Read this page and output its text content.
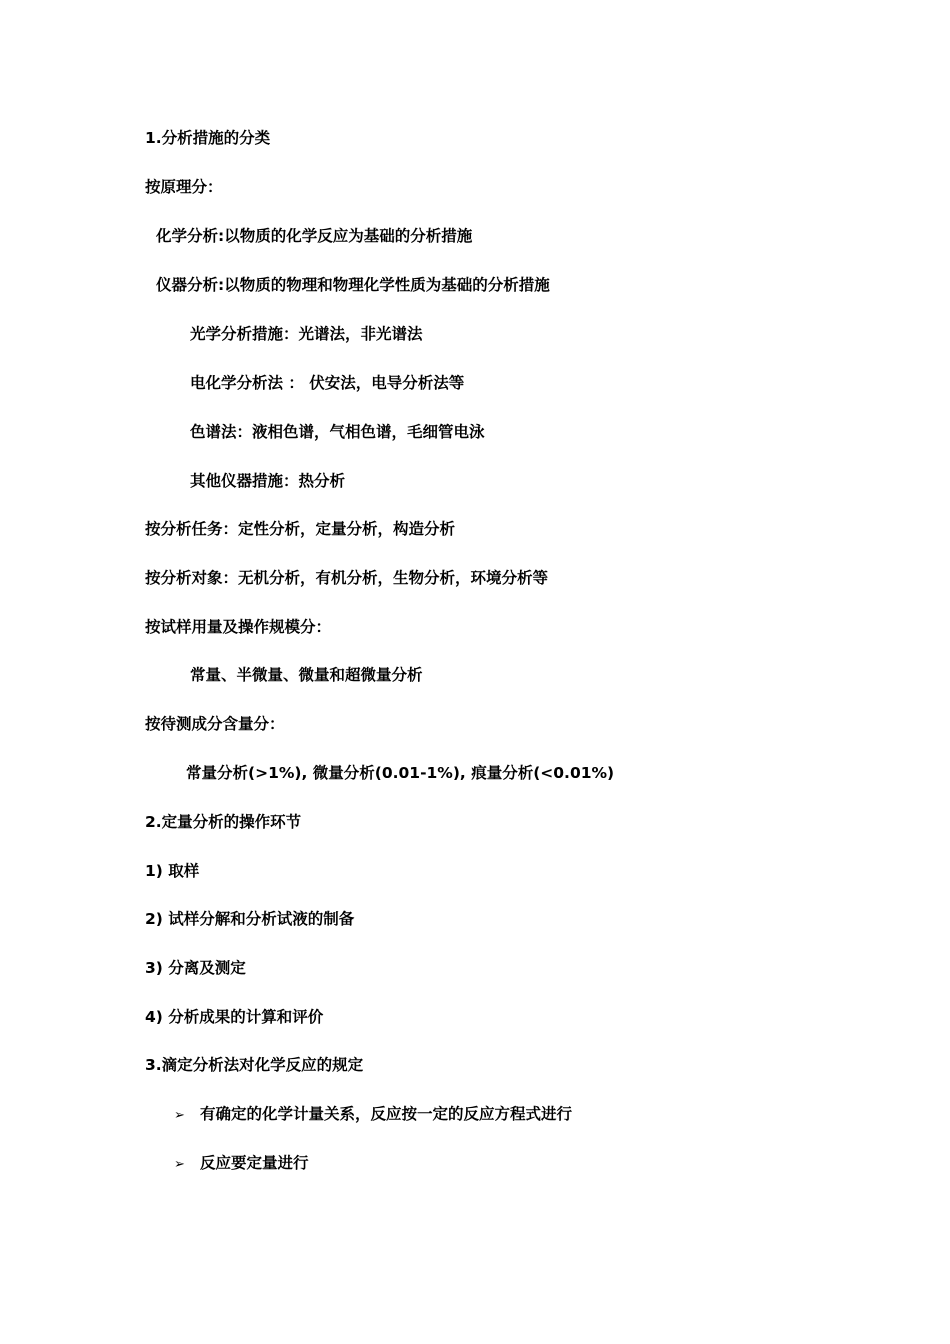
1.分析措施的分类
按原理分：
化学分析:以物质的化学反应为基础的分析措施
仪器分析:以物质的物理和物理化学性质为基础的分析措施
光学分析措施：光谱法，非光谱法
电化学分析法 ： 伏安法，电导分析法等
色谱法：液相色谱，气相色谱，毛细管电泳
其他仪器措施：热分析
按分析任务：定性分析，定量分析，构造分析
按分析对象：无机分析，有机分析，生物分析，环境分析等
按试样用量及操作规模分：
常量、半微量、微量和超微量分析
按待测成分含量分：
常量分析(>1%), 微量分析(0.01-1%), 痕量分析(<0.01%)
2.定量分析的操作环节
1) 取样
2) 试样分解和分析试液的制备
3) 分离及测定
4) 分析成果的计算和评价
3.滴定分析法对化学反应的规定
➢ 有确定的化学计量关系，反应按一定的反应方程式进行
➢ 反应要定量进行
